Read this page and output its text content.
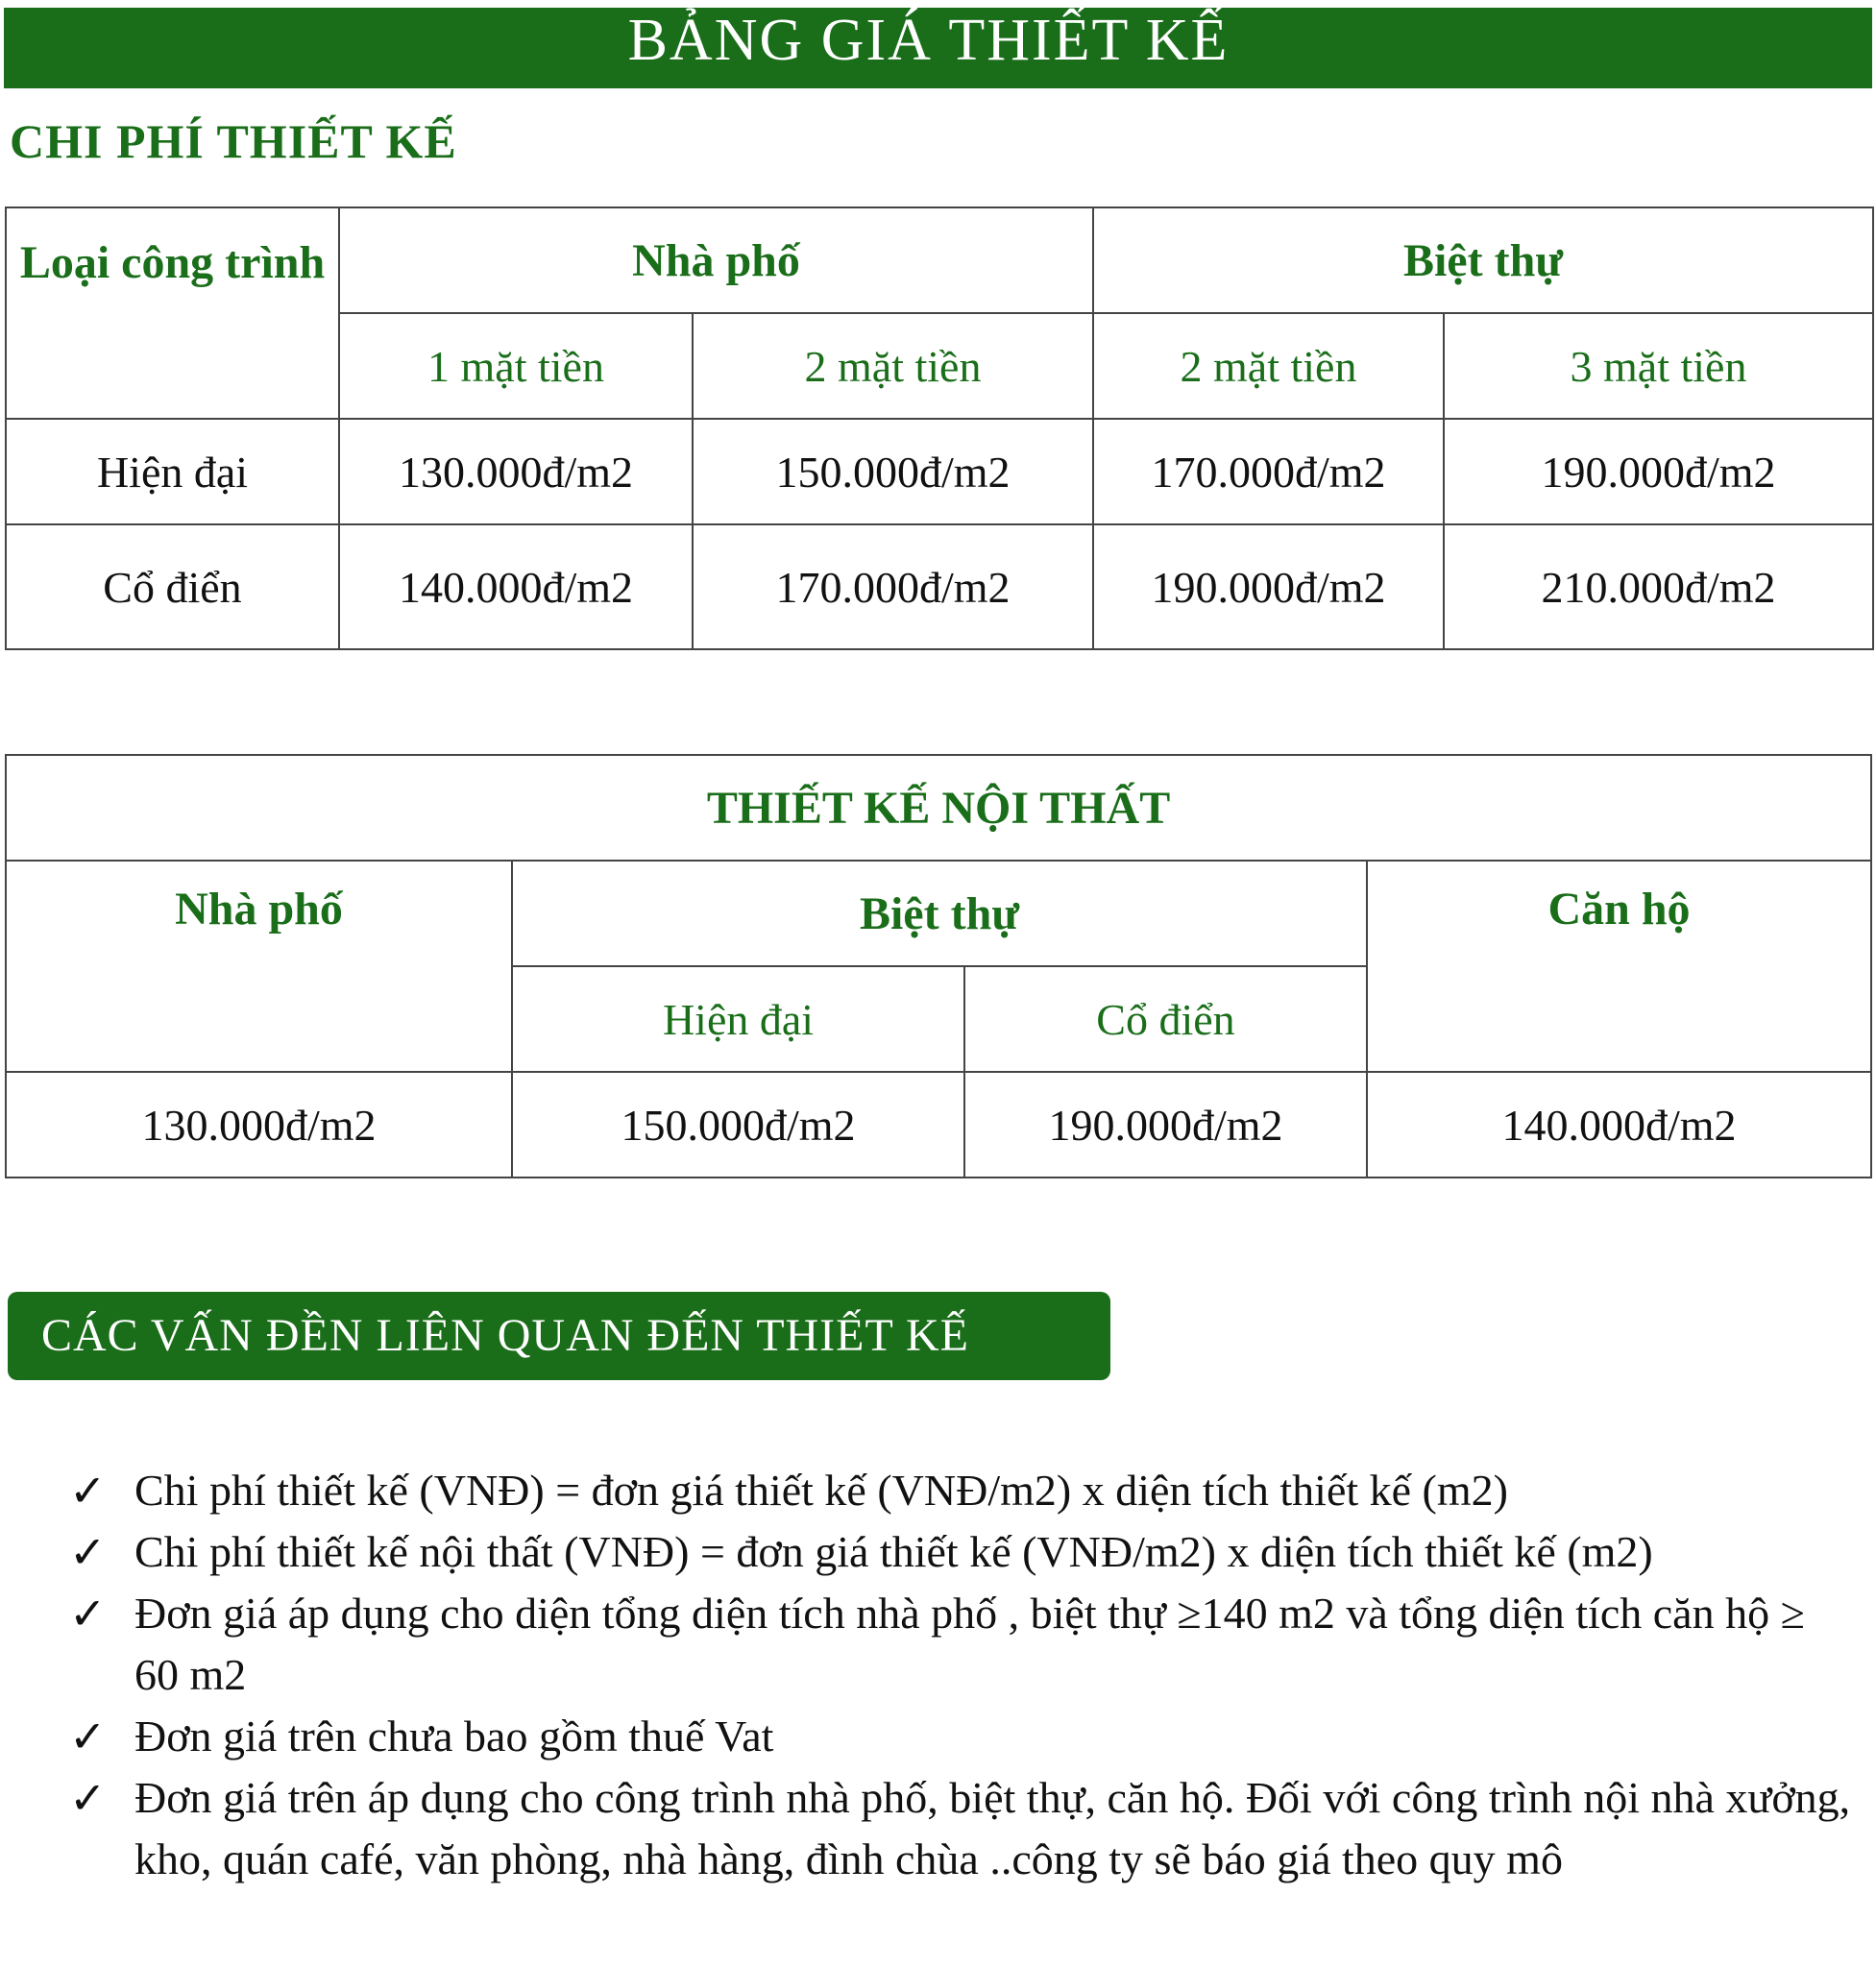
BẢNG GIÁ THIẾT KẾ
CHI PHÍ THIẾT KẾ
Loại công trình	Nhà phố		Biệt thự	
	1 mặt tiền	2 mặt tiền	2 mặt tiền	3 mặt tiền
Hiện đại	130.000đ/m2	150.000đ/m2	170.000đ/m2	190.000đ/m2
Cổ điển	140.000đ/m2	170.000đ/m2	190.000đ/m2	210.000đ/m2
THIẾT KẾ NỘI THẤT			
Nhà phố	Biệt thự		Căn hộ
	Hiện đại	Cổ điển	
130.000đ/m2	150.000đ/m2	190.000đ/m2	140.000đ/m2
CÁC VẤN ĐỀN LIÊN QUAN ĐẾN THIẾT KẾ
✓ Chi phí thiết kế (VNĐ) = đơn giá thiết kế (VNĐ/m2) x diện tích thiết kế (m2)
✓ Chi phí thiết kế nội thất (VNĐ) = đơn giá thiết kế (VNĐ/m2) x diện tích thiết kế (m2)
✓ Đơn giá áp dụng cho diện tổng diện tích nhà phố , biệt thự ≥140 m2 và tổng diện tích căn hộ ≥ 60 m2
✓ Đơn giá trên chưa bao gồm thuế Vat
✓ Đơn giá trên áp dụng cho công trình nhà phố, biệt thự, căn hộ. Đối với công trình nội nhà xưởng, kho, quán café, văn phòng, nhà hàng, đình chùa ..công ty sẽ báo giá theo quy mô
